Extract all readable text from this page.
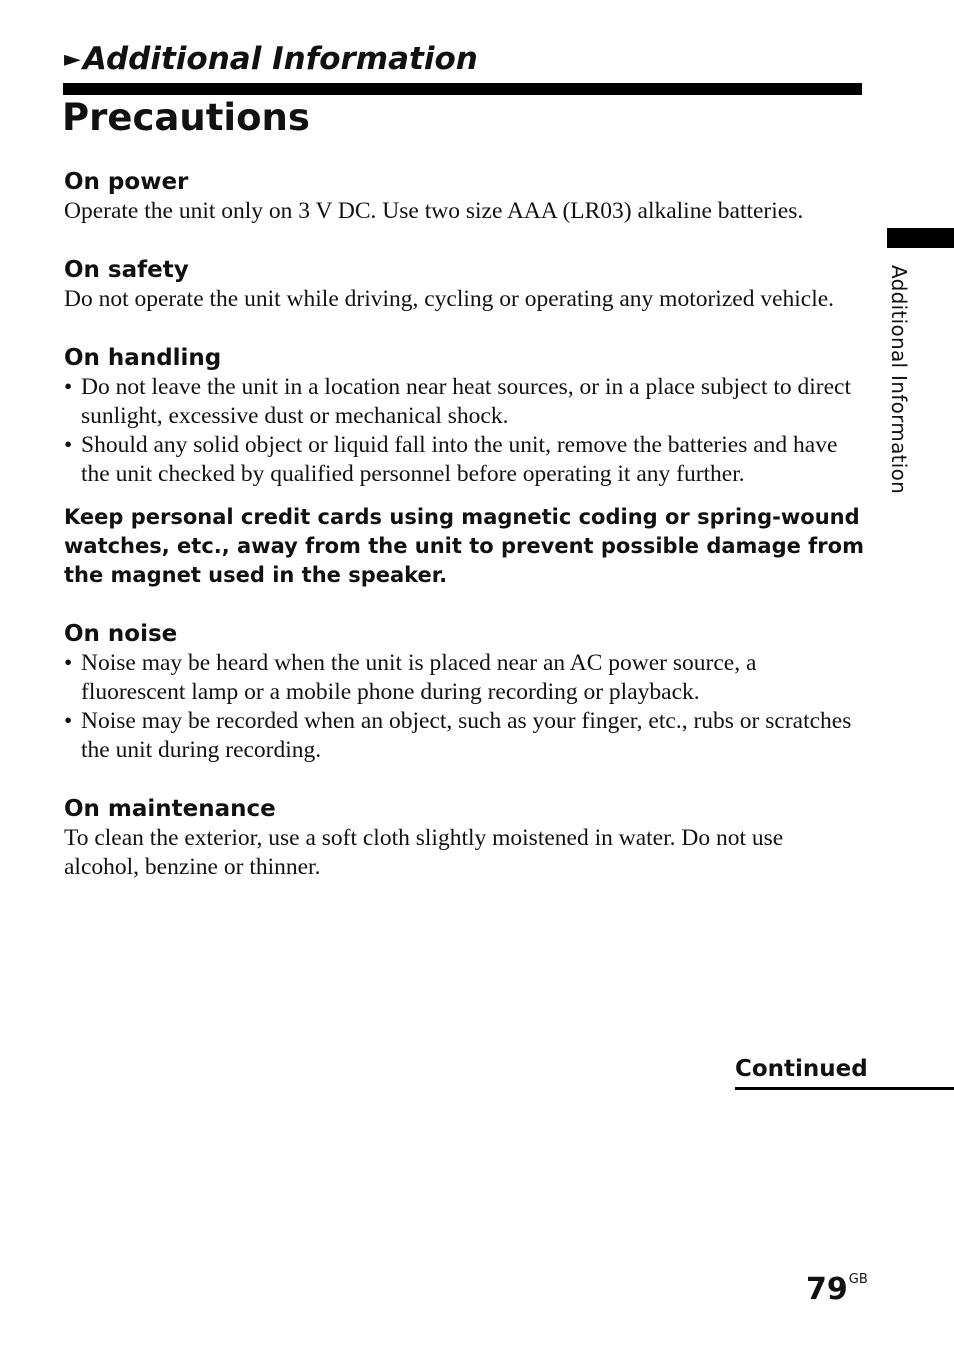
►Additional Information
Precautions
On power

Operate the unit only on 3 V DC. Use two size AAA (LR03) alkaline batteries.

On safety

Do not operate the unit while driving, cycling or operating any motorized vehicle.

On handling
• Do not leave the unit in a location near heat sources, or in a place subject to direct sunlight, excessive dust or mechanical shock.
• Should any solid object or liquid fall into the unit, remove the batteries and have the unit checked by qualified personnel before operating it any further.

Keep personal credit cards using magnetic coding or spring-wound watches, etc., away from the unit to prevent possible damage from the magnet used in the speaker.

On noise
• Noise may be heard when the unit is placed near an AC power source, a fluorescent lamp or a mobile phone during recording or playback.
• Noise may be recorded when an object, such as your finger, etc., rubs or scratches the unit during recording.
On maintenance

To clean the exterior, use a soft cloth slightly moistened in water. Do not use alcohol, benzine or thinner.

Additional Information
Continued
$79^{GB}$
